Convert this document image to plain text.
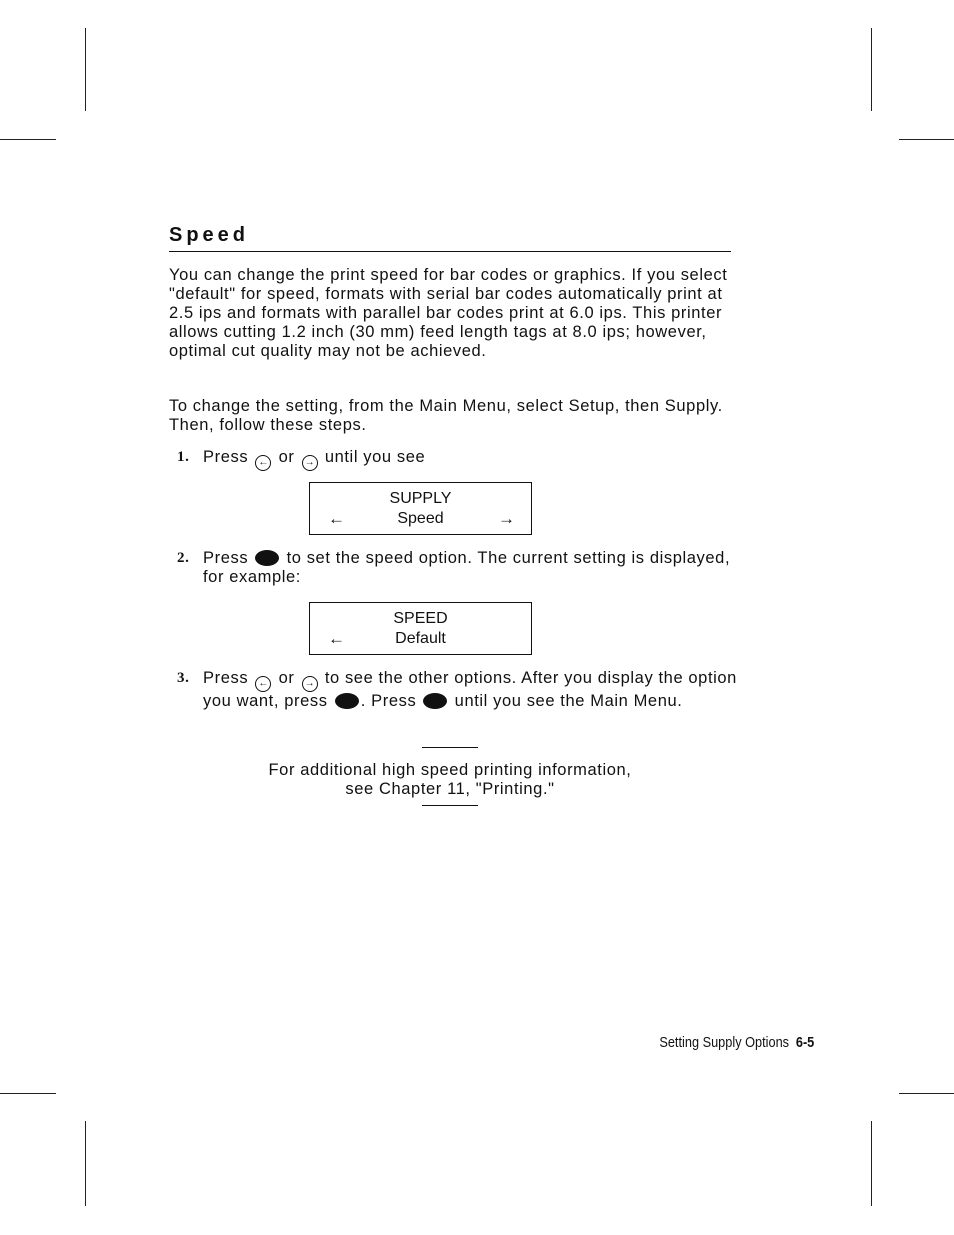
Speed

You can change the print speed for bar codes or graphics. If you select "default" for speed, formats with serial bar codes automatically print at 2.5 ips and formats with parallel bar codes print at 6.0 ips. This printer allows cutting 1.2 inch (30 mm) feed length tags at 8.0 ips; however, optimal cut quality may not be achieved.

To change the setting, from the Main Menu, select Setup, then Supply. Then, follow these steps.

1. Press ← or → until you see
SUPPLY
Speed
←	→
2. Press to set the speed option. The current setting is displayed, for example:
SPEED
Default
←
3. Press ← or → to see the other options. After you display the option you want, press . Press until you see the Main Menu.
For additional high speed printing information,
see Chapter 11, "Printing."
Setting Supply Options 6-5
